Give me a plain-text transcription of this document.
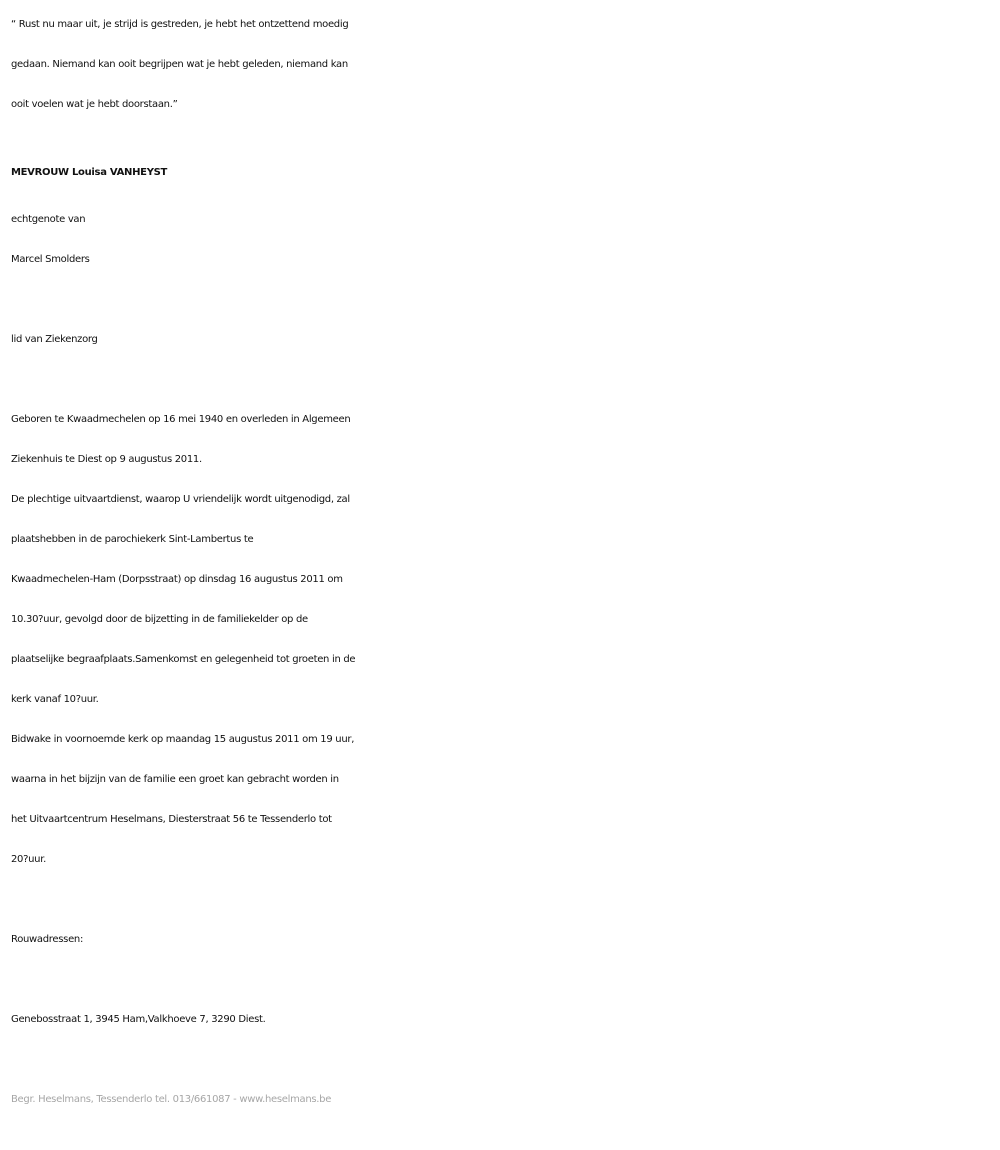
“ Rust nu maar uit, je strijd is gestreden, je hebt het ontzettend moedig
gedaan. Niemand kan ooit begrijpen wat je hebt geleden, niemand kan
ooit voelen wat je hebt doorstaan.”
MEVROUW Louisa VANHEYST
echtgenote van
Marcel Smolders
lid van Ziekenzorg
Geboren te Kwaadmechelen op 16 mei 1940 en overleden in Algemeen
Ziekenhuis te Diest op 9 augustus 2011.
De plechtige uitvaartdienst, waarop U vriendelijk wordt uitgenodigd, zal
plaatshebben in de parochiekerk Sint-Lambertus te
Kwaadmechelen-Ham (Dorpsstraat) op dinsdag 16 augustus 2011 om
10.30?uur, gevolgd door de bijzetting in de familiekelder op de
plaatselijke begraafplaats.Samenkomst en gelegenheid tot groeten in de
kerk vanaf 10?uur.
Bidwake in voornoemde kerk op maandag 15 augustus 2011 om 19 uur,
waarna in het bijzijn van de familie een groet kan gebracht worden in
het Uitvaartcentrum Heselmans, Diesterstraat 56 te Tessenderlo tot
20?uur.
Rouwadressen:
Genebosstraat 1, 3945 Ham,Valkhoeve 7, 3290 Diest.
Begr. Heselmans, Tessenderlo tel. 013/661087 - www.heselmans.be
